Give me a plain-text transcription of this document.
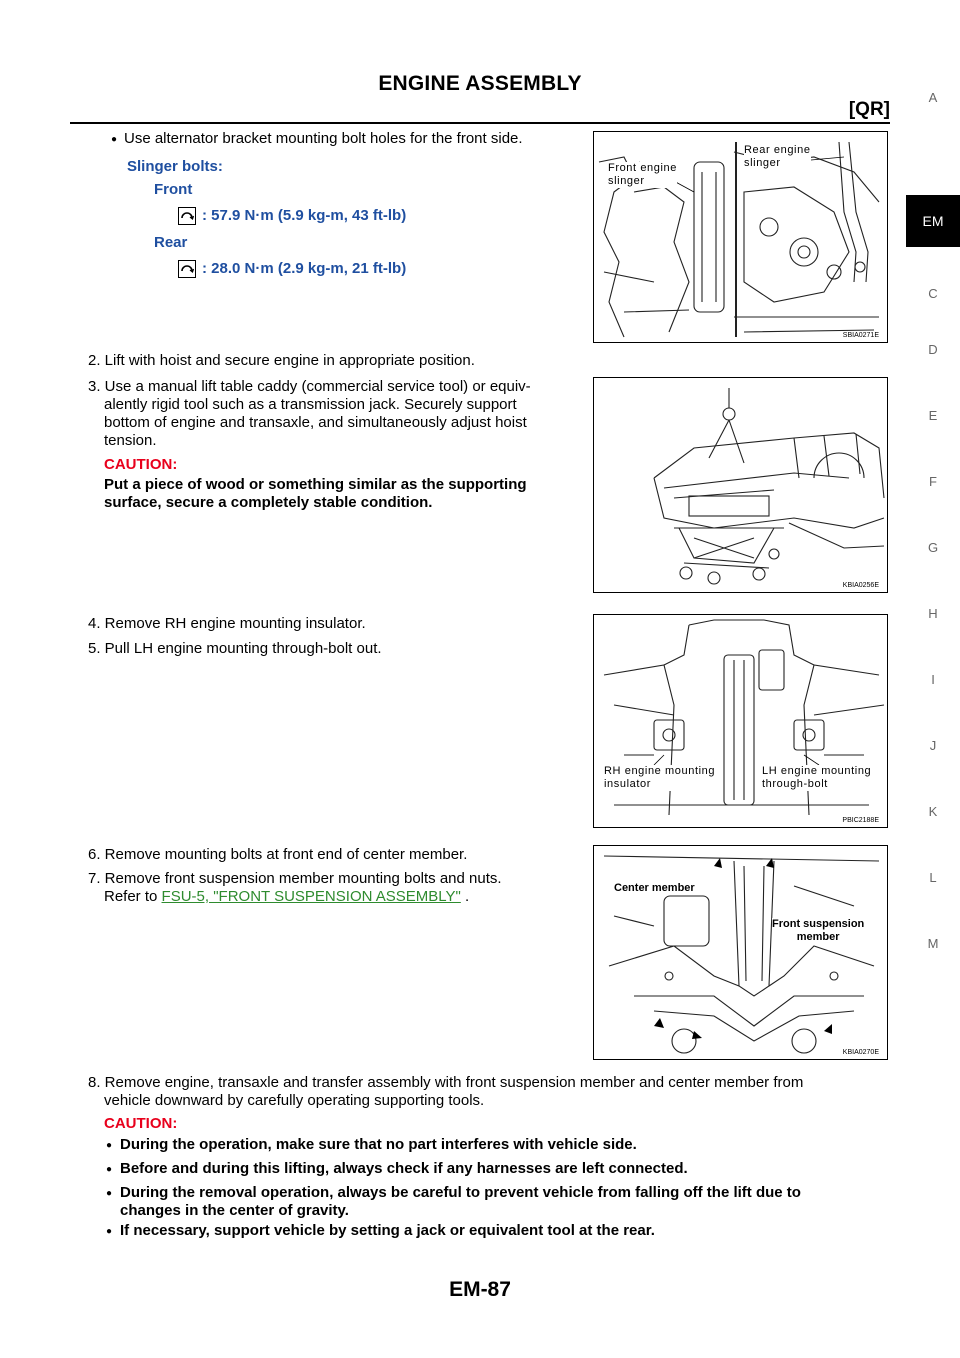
ENGINE ASSEMBLY
[QR]
A
EM
C
D
E
F
G
H
I
J
K
L
M
● Use alternator bracket mounting bolt holes for the front side.
Slinger bolts:
Front
: 57.9 N·m (5.9 kg-m, 43 ft-lb)
Rear
: 28.0 N·m (2.9 kg-m, 21 ft-lb)
Front engine
slinger
Rear engine
slinger
SBIA0271E
2. Lift with hoist and secure engine in appropriate position.
3. Use a manual lift table caddy (commercial service tool) or equiv-
alently rigid tool such as a transmission jack. Securely support
bottom of engine and transaxle, and simultaneously adjust hoist
tension.
CAUTION:
Put a piece of wood or something similar as the supporting
surface, secure a completely stable condition.
KBIA0256E
4. Remove RH engine mounting insulator.
5. Pull LH engine mounting through-bolt out.
RH engine mounting
insulator
LH engine mounting
through-bolt
PBIC2188E
6. Remove mounting bolts at front end of center member.
7. Remove front suspension member mounting bolts and nuts.
Refer to FSU-5, "FRONT SUSPENSION ASSEMBLY" .	Center member
Front suspension
member
KBIA0270E
8. Remove engine, transaxle and transfer assembly with front suspension member and center member from
vehicle downward by carefully operating supporting tools.
CAUTION:
● During the operation, make sure that no part interferes with vehicle side.
● Before and during this lifting, always check if any harnesses are left connected.
● During the removal operation, always be careful to prevent vehicle from falling off the lift due to
changes in the center of gravity.
● If necessary, support vehicle by setting a jack or equivalent tool at the rear.
EM-87
